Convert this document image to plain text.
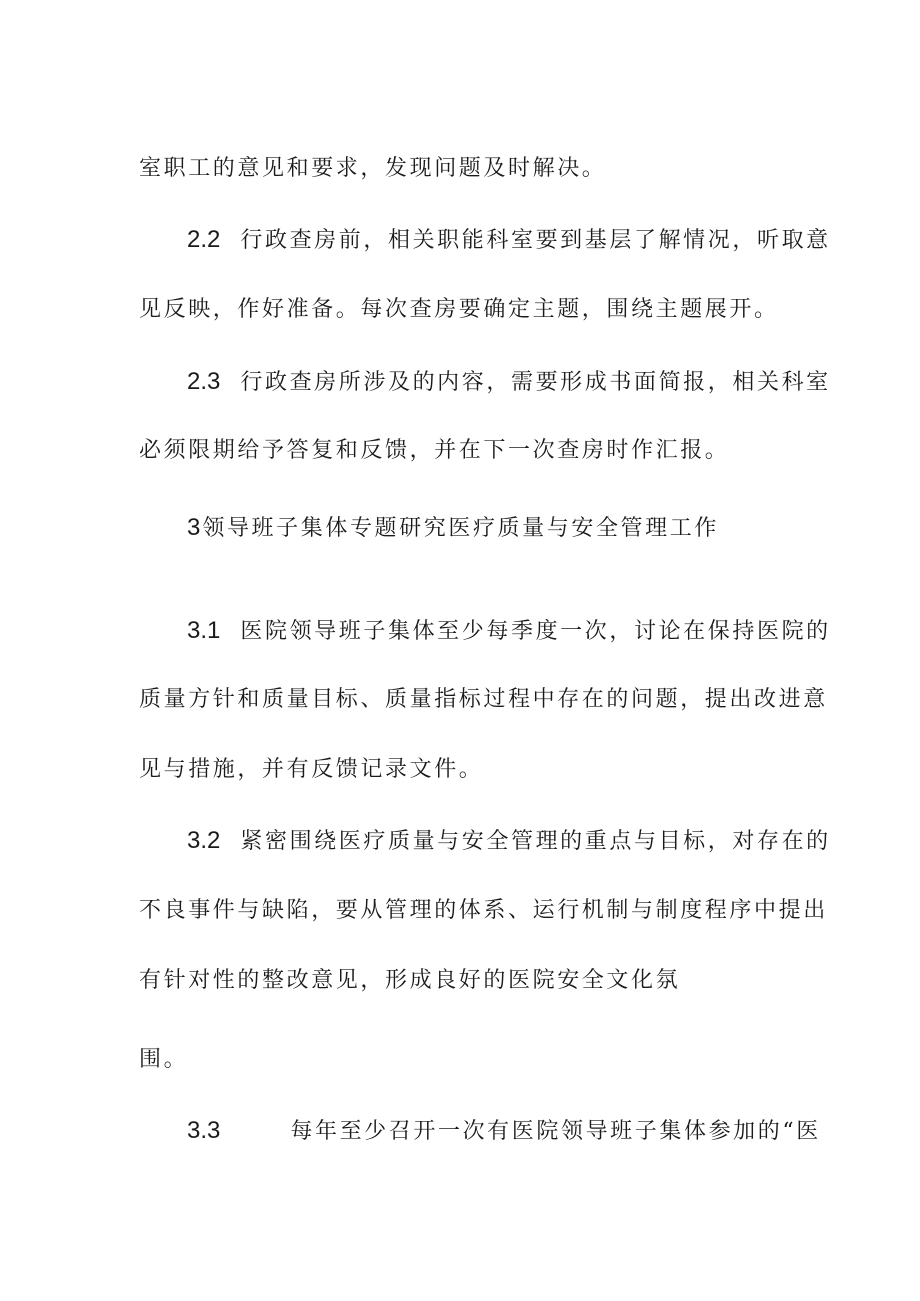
室职工的意见和要求，发现问题及时解决。
2.2 行政查房前，相关职能科室要到基层了解情况，听取意
见反映，作好准备。每次查房要确定主题，围绕主题展开。
2.3 行政查房所涉及的内容，需要形成书面简报，相关科室
必须限期给予答复和反馈，并在下一次查房时作汇报。
3领导班子集体专题研究医疗质量与安全管理工作
3.1 医院领导班子集体至少每季度一次，讨论在保持医院的
质量方针和质量目标、质量指标过程中存在的问题，提出改进意
见与措施，并有反馈记录文件。
3.2 紧密围绕医疗质量与安全管理的重点与目标，对存在的
不良事件与缺陷，要从管理的体系、运行机制与制度程序中提出
有针对性的整改意见，形成良好的医院安全文化氛
围。
3.3	每年至少召开一次有医院领导班子集体参加的“医
